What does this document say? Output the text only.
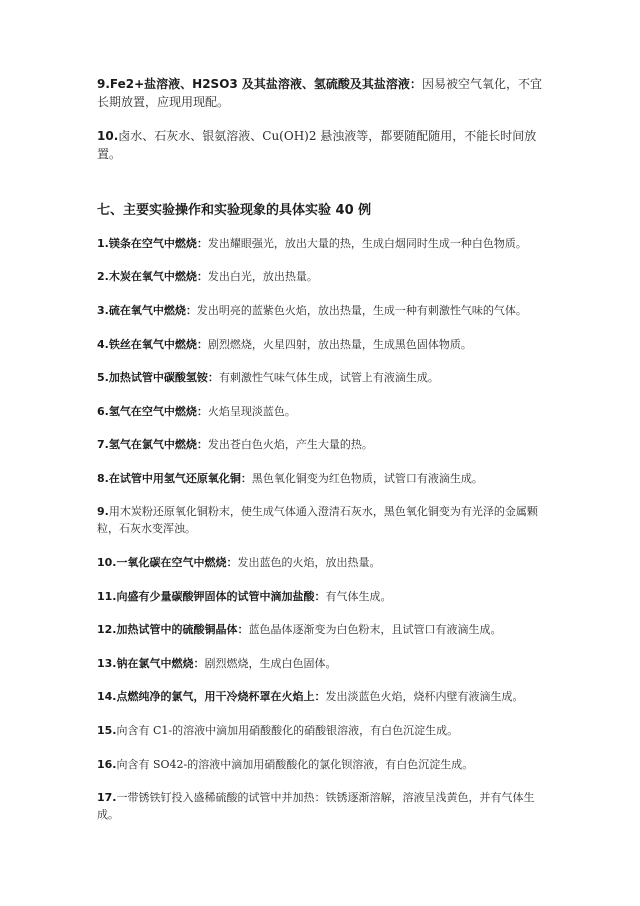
9.Fe2+盐溶液、H2SO3 及其盐溶液、氢硫酸及其盐溶液：因易被空气氧化，不宜长期放置，应现用现配。

10.卤水、石灰水、银氨溶液、Cu(OH)2 悬浊液等，都要随配随用，不能长时间放置。

七、主要实验操作和实验现象的具体实验 40 例

1.镁条在空气中燃烧：发出耀眼强光，放出大量的热，生成白烟同时生成一种白色物质。

2.木炭在氧气中燃烧：发出白光，放出热量。

3.硫在氧气中燃烧：发出明亮的蓝紫色火焰，放出热量，生成一种有刺激性气味的气体。

4.铁丝在氧气中燃烧：剧烈燃烧，火星四射，放出热量，生成黑色固体物质。

5.加热试管中碳酸氢铵：有刺激性气味气体生成，试管上有液滴生成。

6.氢气在空气中燃烧：火焰呈现淡蓝色。

7.氢气在氯气中燃烧：发出苍白色火焰，产生大量的热。

8.在试管中用氢气还原氧化铜：黑色氧化铜变为红色物质，试管口有液滴生成。

9.用木炭粉还原氧化铜粉末，使生成气体通入澄清石灰水，黑色氧化铜变为有光泽的金属颗粒，石灰水变浑浊。

10.一氧化碳在空气中燃烧：发出蓝色的火焰，放出热量。

11.向盛有少量碳酸钾固体的试管中滴加盐酸：有气体生成。

12.加热试管中的硫酸铜晶体：蓝色晶体逐渐变为白色粉末，且试管口有液滴生成。

13.钠在氯气中燃烧：剧烈燃烧，生成白色固体。

14.点燃纯净的氯气，用干冷烧杯罩在火焰上：发出淡蓝色火焰，烧杯内壁有液滴生成。

15.向含有 C1-的溶液中滴加用硝酸酸化的硝酸银溶液，有白色沉淀生成。

16.向含有 SO42-的溶液中滴加用硝酸酸化的氯化钡溶液，有白色沉淀生成。

17.一带锈铁钉投入盛稀硫酸的试管中并加热：铁锈逐渐溶解，溶液呈浅黄色，并有气体生成。
